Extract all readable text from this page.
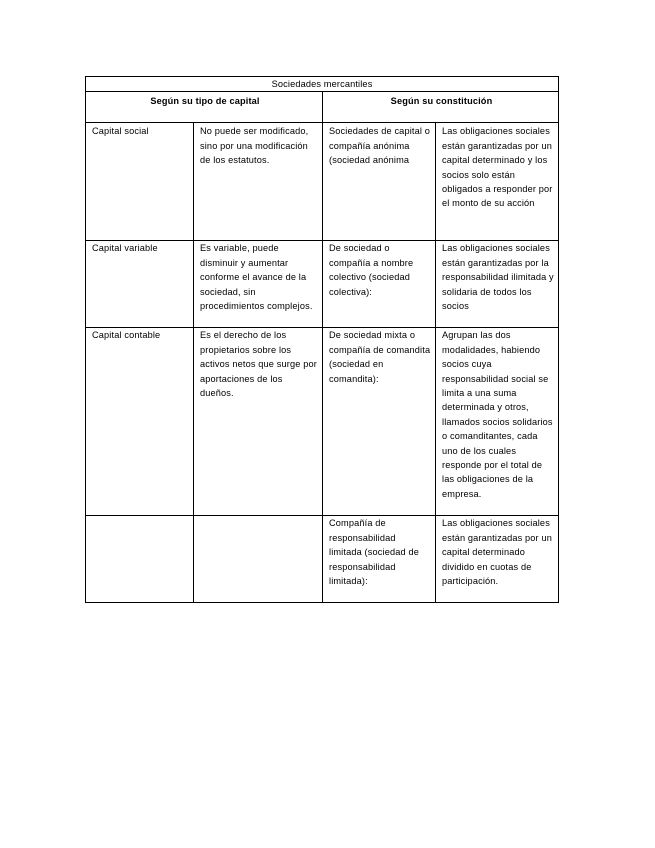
Sociedades mercantiles			
Según su tipo de capital		Según su constitución	
Capital social	No puede ser modificado, sino por una modificación de los estatutos.	Sociedades de capital o compañía anónima (sociedad anónima	Las obligaciones sociales están garantizadas por un capital determinado y los socios solo están obligados a responder por el monto de su acción
Capital variable	Es variable, puede disminuir y aumentar conforme el avance de la sociedad, sin procedimientos complejos.	De sociedad o compañía a nombre colectivo (sociedad colectiva):	Las obligaciones sociales están garantizadas por la responsabilidad ilimitada y solidaria de todos los socios
Capital contable	Es el derecho de los propietarios sobre los activos netos que surge por aportaciones de los dueños.	De sociedad mixta o compañía de comandita (sociedad en comandita):	Agrupan las dos modalidades, habiendo socios cuya responsabilidad social se limita a una suma determinada y otros, llamados socios solidarios o comanditantes, cada uno de los cuales responde por el total de las obligaciones de la empresa.
		Compañía de responsabilidad limitada (sociedad de responsabilidad limitada):	Las obligaciones sociales están garantizadas por un capital determinado dividido en cuotas de participación.
